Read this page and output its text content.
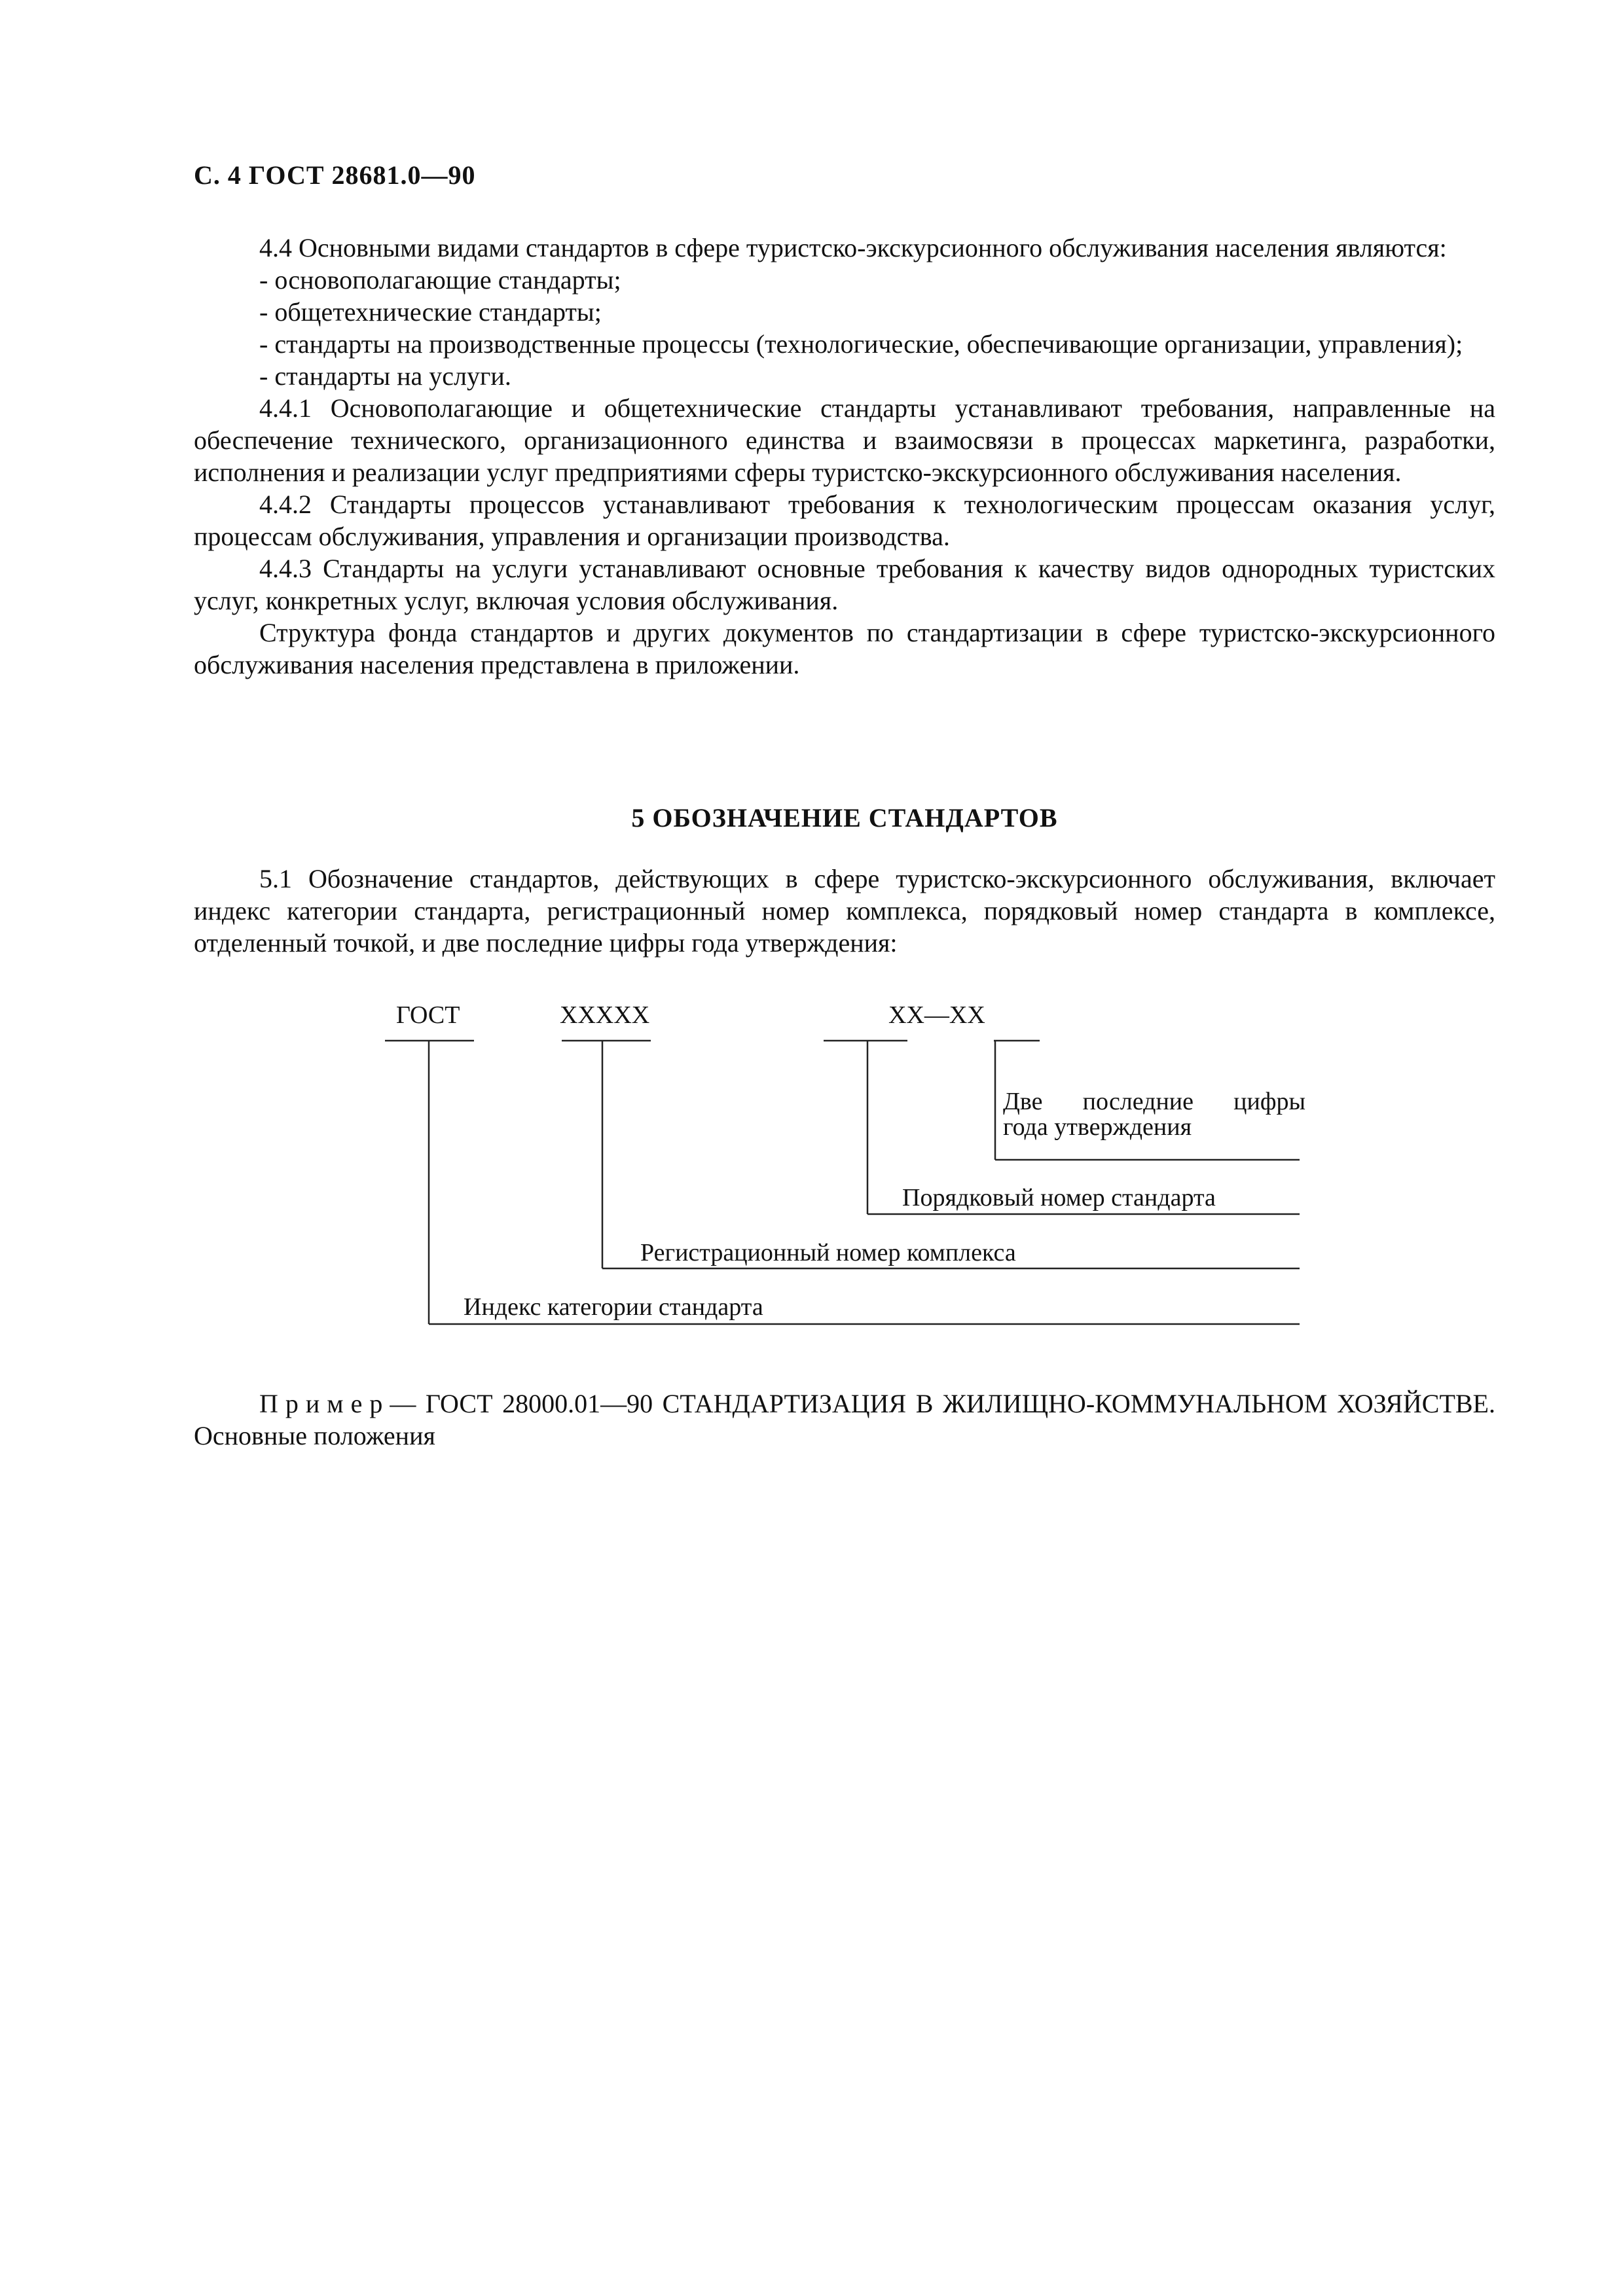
С. 4 ГОСТ 28681.0—90

4.4 Основными видами стандартов в сфере туристско-экскурсионного обслуживания населения являются:

- основополагающие стандарты;

- общетехнические стандарты;

- стандарты на производственные процессы (технологические, обеспечивающие организации, управления);

- стандарты на услуги.

4.4.1 Основополагающие и общетехнические стандарты устанавливают требования, направленные на обеспечение технического, организационного единства и взаимосвязи в процессах маркетинга, разработки, исполнения и реализации услуг предприятиями сферы туристско-экскурсионного обслуживания населения.

4.4.2 Стандарты процессов устанавливают требования к технологическим процессам оказания услуг, процессам обслуживания, управления и организации производства.

4.4.3 Стандарты на услуги устанавливают основные требования к качеству видов однородных туристских услуг, конкретных услуг, включая условия обслуживания.

Структура фонда стандартов и других документов по стандартизации в сфере туристско-экскурсионного обслуживания населения представлена в приложении.

5 ОБОЗНАЧЕНИЕ СТАНДАРТОВ

5.1 Обозначение стандартов, действующих в сфере туристско-экскурсионного обслуживания, включает индекс категории стандарта, регистрационный номер комплекса, порядковый номер стандарта в комплексе, отделенный точкой, и две последние цифры года утверждения:

ГОСТ	ХХХХХ	ХХ—ХХ
Две последние цифры
года утверждения
Порядковый номер стандарта
Регистрационный номер комплекса
Индекс категории стандарта

Пример— ГОСТ 28000.01—90 СТАНДАРТИЗАЦИЯ В ЖИЛИЩНО-КОММУНАЛЬНОМ ХОЗЯЙСТВЕ. Основные положения
